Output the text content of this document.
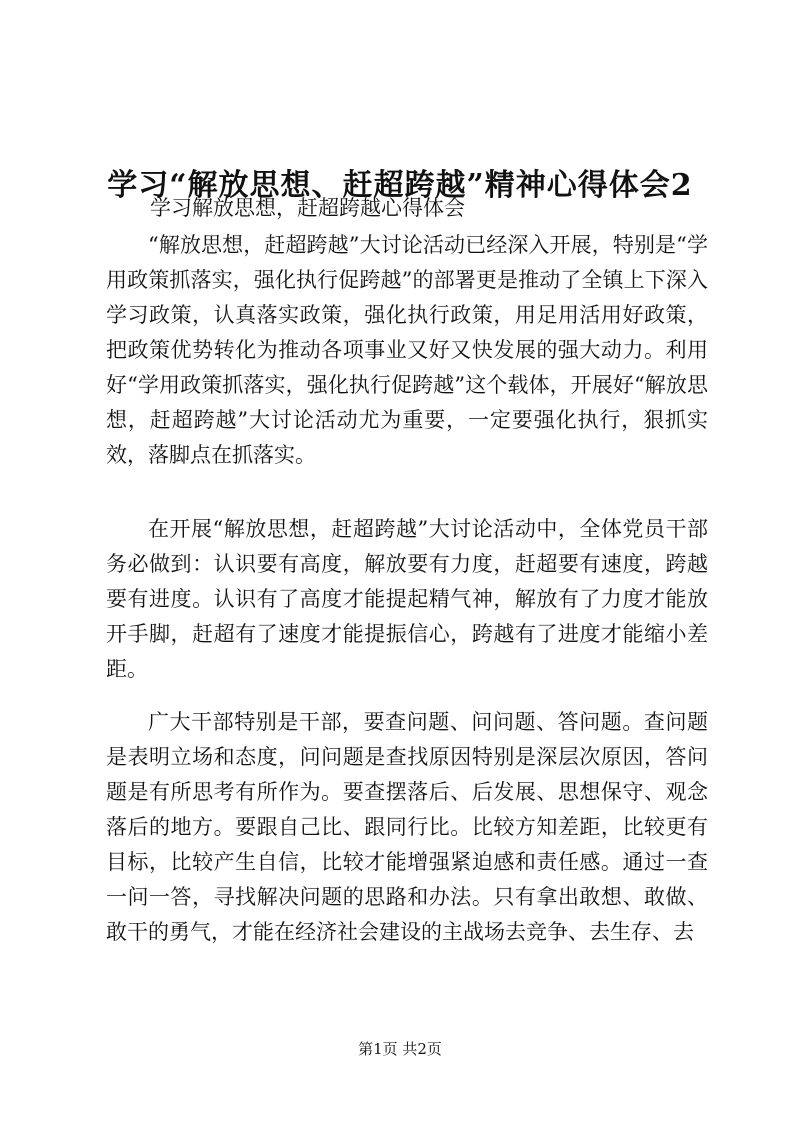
学习“解放思想、赶超跨越”精神心得体会2
学习解放思想，赶超跨越心得体会

“解放思想，赶超跨越”大讨论活动已经深入开展，特别是“学用政策抓落实，强化执行促跨越”的部署更是推动了全镇上下深入学习政策，认真落实政策，强化执行政策，用足用活用好政策，把政策优势转化为推动各项事业又好又快发展的强大动力。利用好“学用政策抓落实，强化执行促跨越”这个载体，开展好“解放思想，赶超跨越”大讨论活动尤为重要，一定要强化执行，狠抓实效，落脚点在抓落实。

在开展“解放思想，赶超跨越”大讨论活动中，全体党员干部务必做到：认识要有高度，解放要有力度，赶超要有速度，跨越要有进度。认识有了高度才能提起精气神，解放有了力度才能放开手脚，赶超有了速度才能提振信心，跨越有了进度才能缩小差距。

广大干部特别是干部，要查问题、问问题、答问题。查问题是表明立场和态度，问问题是查找原因特别是深层次原因，答问题是有所思考有所作为。要查摆落后、后发展、思想保守、观念落后的地方。要跟自己比、跟同行比。比较方知差距，比较更有目标，比较产生自信，比较才能增强紧迫感和责任感。通过一查一问一答，寻找解决问题的思路和办法。只有拿出敢想、敢做、敢干的勇气，才能在经济社会建设的主战场去竞争、去生存、去

第1页 共2页
